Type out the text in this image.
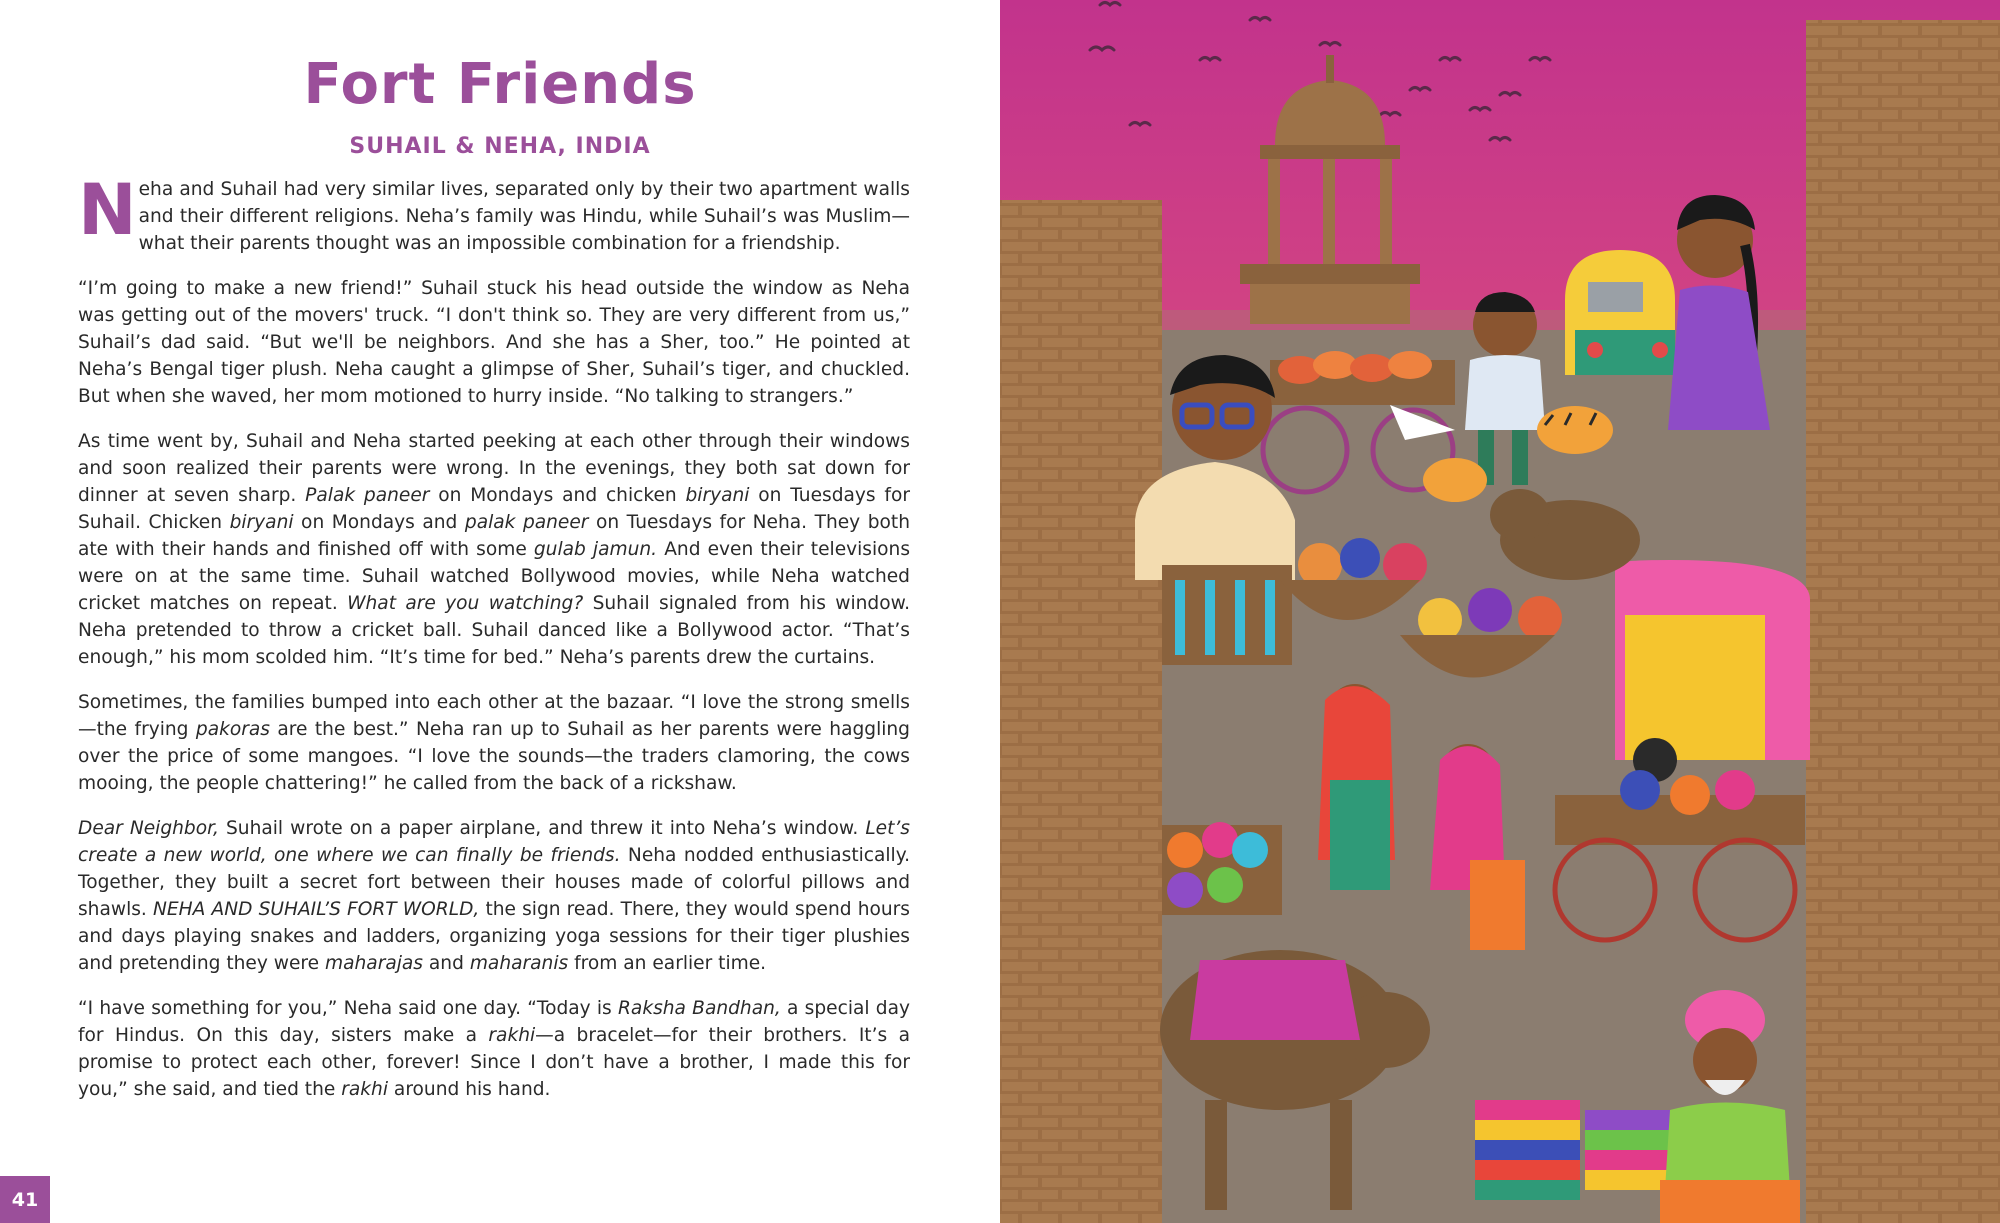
Fort Friends
SUHAIL & NEHA, INDIA

Neha and Suhail had very similar lives, separated only by their two apartment walls and their different religions. Neha’s family was Hindu, while Suhail’s was Muslim—what their parents thought was an impossible combination for a friendship.

“I’m going to make a new friend!” Suhail stuck his head outside the window as Neha was getting out of the movers' truck. “I don't think so. They are very different from us,” Suhail’s dad said. “But we'll be neighbors. And she has a Sher, too.” He pointed at Neha’s Bengal tiger plush. Neha caught a glimpse of Sher, Suhail’s tiger, and chuckled. But when she waved, her mom motioned to hurry inside. “No talking to strangers.”

As time went by, Suhail and Neha started peeking at each other through their windows and soon realized their parents were wrong. In the evenings, they both sat down for dinner at seven sharp. Palak paneer on Mondays and chicken biryani on Tuesdays for Suhail. Chicken biryani on Mondays and palak paneer on Tuesdays for Neha. They both ate with their hands and finished off with some gulab jamun. And even their televisions were on at the same time. Suhail watched Bollywood movies, while Neha watched cricket matches on repeat. What are you watching? Suhail signaled from his window. Neha pretended to throw a cricket ball. Suhail danced like a Bollywood actor. “That’s enough,” his mom scolded him. “It’s time for bed.” Neha’s parents drew the curtains.

Sometimes, the families bumped into each other at the bazaar. “I love the strong smells—the frying pakoras are the best.” Neha ran up to Suhail as her parents were haggling over the price of some mangoes. “I love the sounds—the traders clamoring, the cows mooing, the people chattering!” he called from the back of a rickshaw.

Dear Neighbor, Suhail wrote on a paper airplane, and threw it into Neha’s window. Let’s create a new world, one where we can finally be friends. Neha nodded enthusiastically. Together, they built a secret fort between their houses made of colorful pillows and shawls. NEHA AND SUHAIL’S FORT WORLD, the sign read. There, they would spend hours and days playing snakes and ladders, organizing yoga sessions for their tiger plushies and pretending they were maharajas and maharanis from an earlier time.

“I have something for you,” Neha said one day. “Today is Raksha Bandhan, a special day for Hindus. On this day, sisters make a rakhi—a bracelet—for their brothers. It’s a promise to protect each other, forever! Since I don’t have a brother, I made this for you,” she said, and tied the rakhi around his hand.

41
